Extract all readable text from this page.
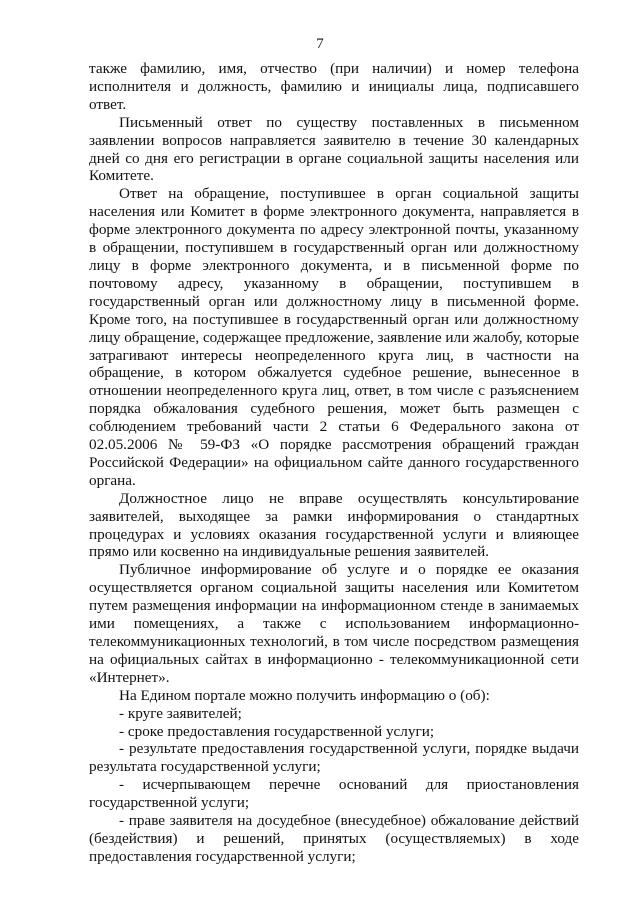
7

также фамилию, имя, отчество (при наличии) и номер телефона исполнителя и должность, фамилию и инициалы лица, подписавшего ответ.

Письменный ответ по существу поставленных в письменном заявлении вопросов направляется заявителю в течение 30 календарных дней со дня его регистрации в органе социальной защиты населения или Комитете.

Ответ на обращение, поступившее в орган социальной защиты населения или Комитет в форме электронного документа, направляется в форме электронного документа по адресу электронной почты, указанному в обращении, поступившем в государственный орган или должностному лицу в форме электронного документа, и в письменной форме по почтовому адресу, указанному в обращении, поступившем в государственный орган или должностному лицу в письменной форме. Кроме того, на поступившее в государственный орган или должностному лицу обращение, содержащее предложение, заявление или жалобу, которые затрагивают интересы неопределенного круга лиц, в частности на обращение, в котором обжалуется судебное решение, вынесенное в отношении неопределенного круга лиц, ответ, в том числе с разъяснением порядка обжалования судебного решения, может быть размещен с соблюдением требований части 2 статьи 6 Федерального закона от 02.05.2006 № 59-ФЗ «О порядке рассмотрения обращений граждан Российской Федерации» на официальном сайте данного государственного органа.

Должностное лицо не вправе осуществлять консультирование заявителей, выходящее за рамки информирования о стандартных процедурах и условиях оказания государственной услуги и влияющее прямо или косвенно на индивидуальные решения заявителей.

Публичное информирование об услуге и о порядке ее оказания осуществляется органом социальной защиты населения или Комитетом путем размещения информации на информационном стенде в занимаемых ими помещениях, а также с использованием информационно-телекоммуникационных технологий, в том числе посредством размещения на официальных сайтах в информационно - телекоммуникационной сети «Интернет».

На Едином портале можно получить информацию о (об):

- круге заявителей;

- сроке предоставления государственной услуги;

- результате предоставления государственной услуги, порядке выдачи результата государственной услуги;

- исчерпывающем перечне оснований для приостановления государственной услуги;

- праве заявителя на досудебное (внесудебное) обжалование действий (бездействия) и решений, принятых (осуществляемых) в ходе предоставления государственной услуги;
